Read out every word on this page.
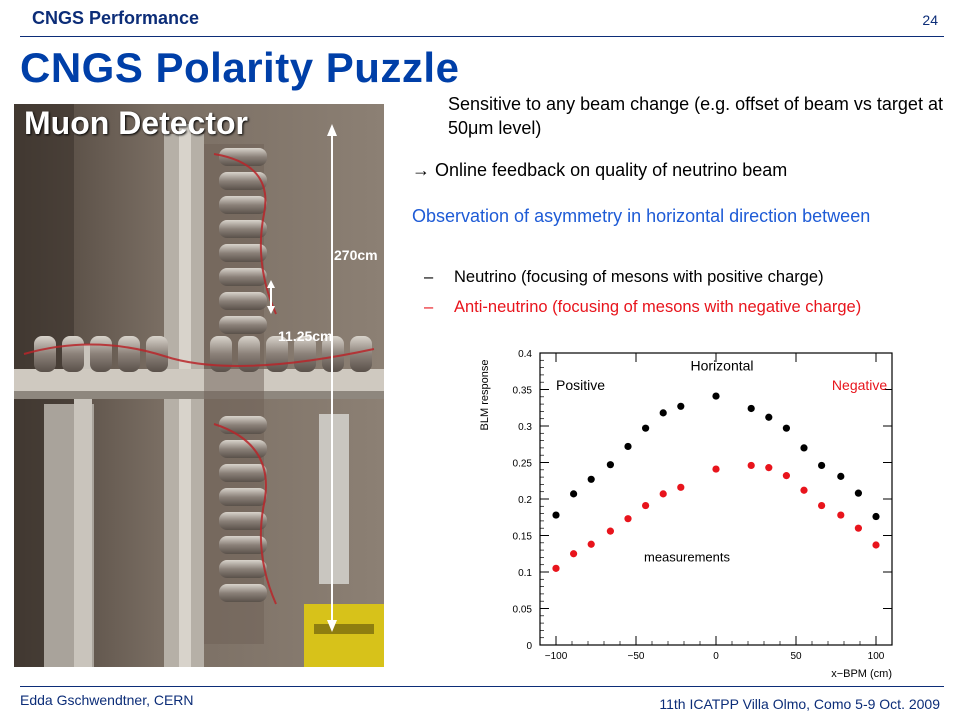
CNGS Performance	24
CNGS Polarity Puzzle
Muon Detector
270cm
11.25cm
Sensitive to any beam change (e.g. offset of beam vs target at 50μm level)
→ Online feedback on quality of neutrino beam
Observation of asymmetry in horizontal direction between
– Neutrino (focusing of mesons with positive charge)
– Anti-neutrino (focusing of mesons with negative charge)
0
0.05
0.1
0.15
0.2
0.25
0.3
0.35
0.4
−100	−50	0	50	100
x−BPM (cm)
BLM response	Horizontal
Positive	Negative
measurements
Edda Gschwendtner, CERN	11th ICATPP Villa Olmo, Como 5-9 Oct. 2009
